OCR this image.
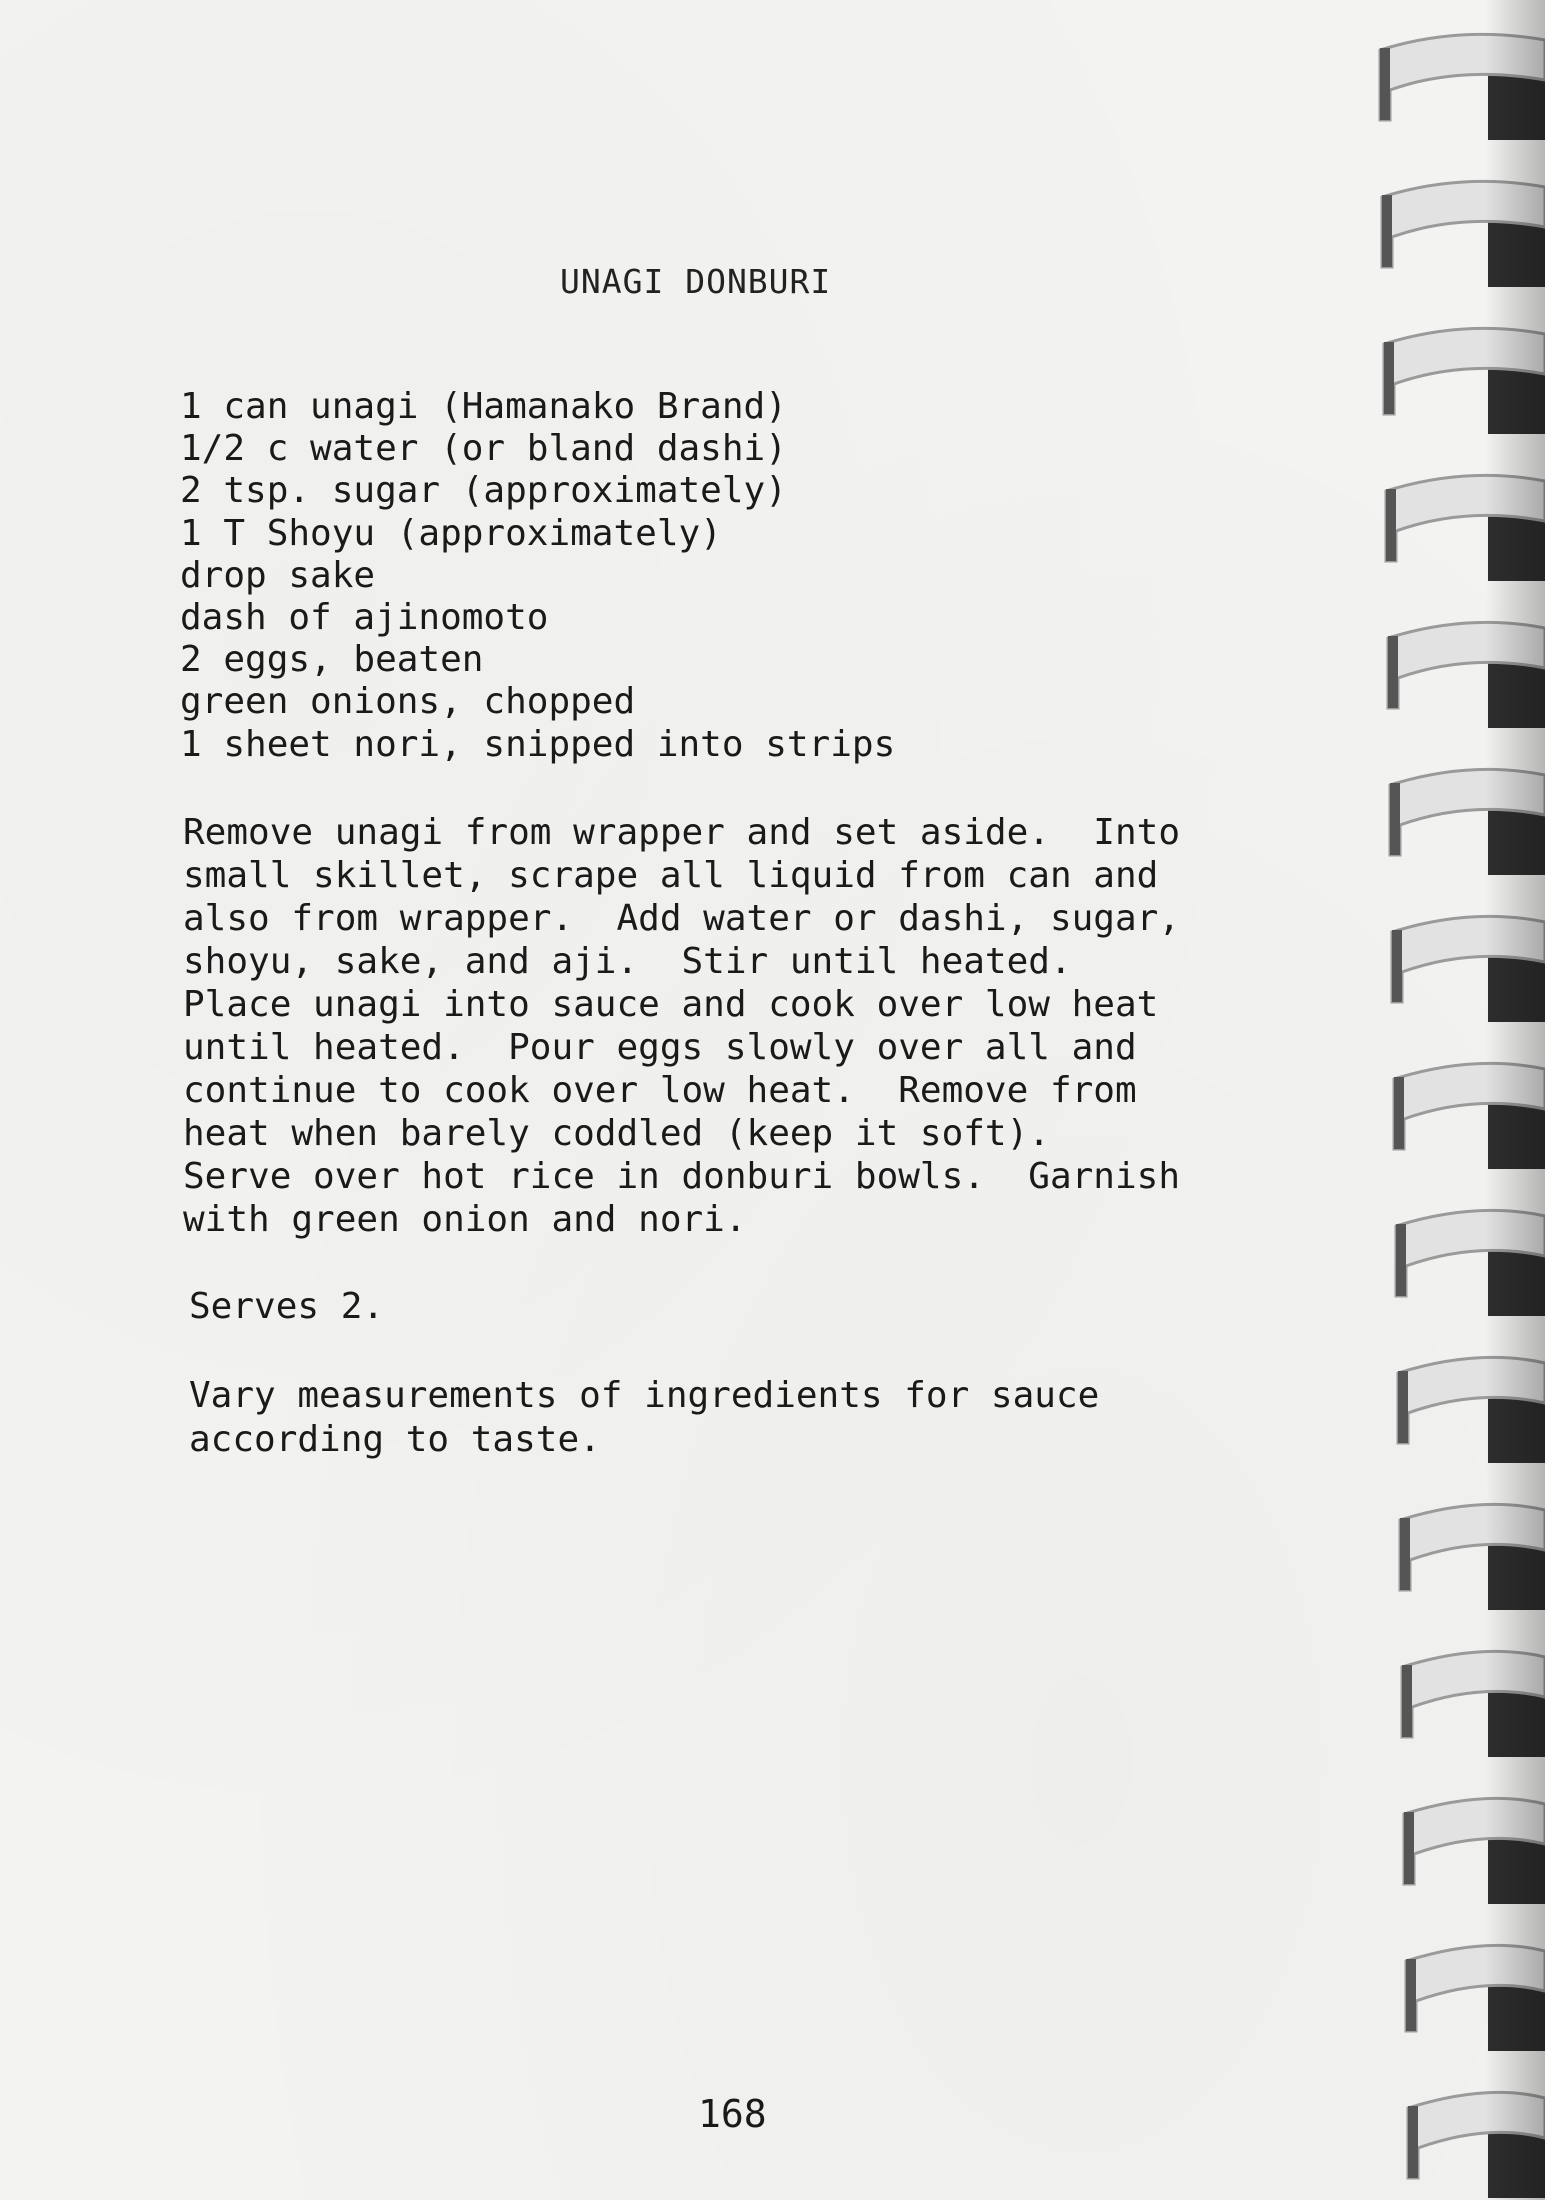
UNAGI DONBURI
1 can unagi (Hamanako Brand)
1/2 c water (or bland dashi)
2 tsp. sugar (approximately)
1 T Shoyu (approximately)
drop sake
dash of ajinomoto
2 eggs, beaten
green onions, chopped
1 sheet nori, snipped into strips
Remove unagi from wrapper and set aside.  Into
small skillet, scrape all liquid from can and
also from wrapper.  Add water or dashi, sugar,
shoyu, sake, and aji.  Stir until heated.
Place unagi into sauce and cook over low heat
until heated.  Pour eggs slowly over all and
continue to cook over low heat.  Remove from
heat when barely coddled (keep it soft).
Serve over hot rice in donburi bowls.  Garnish
with green onion and nori.
Serves 2.
Vary measurements of ingredients for sauce
according to taste.
168
